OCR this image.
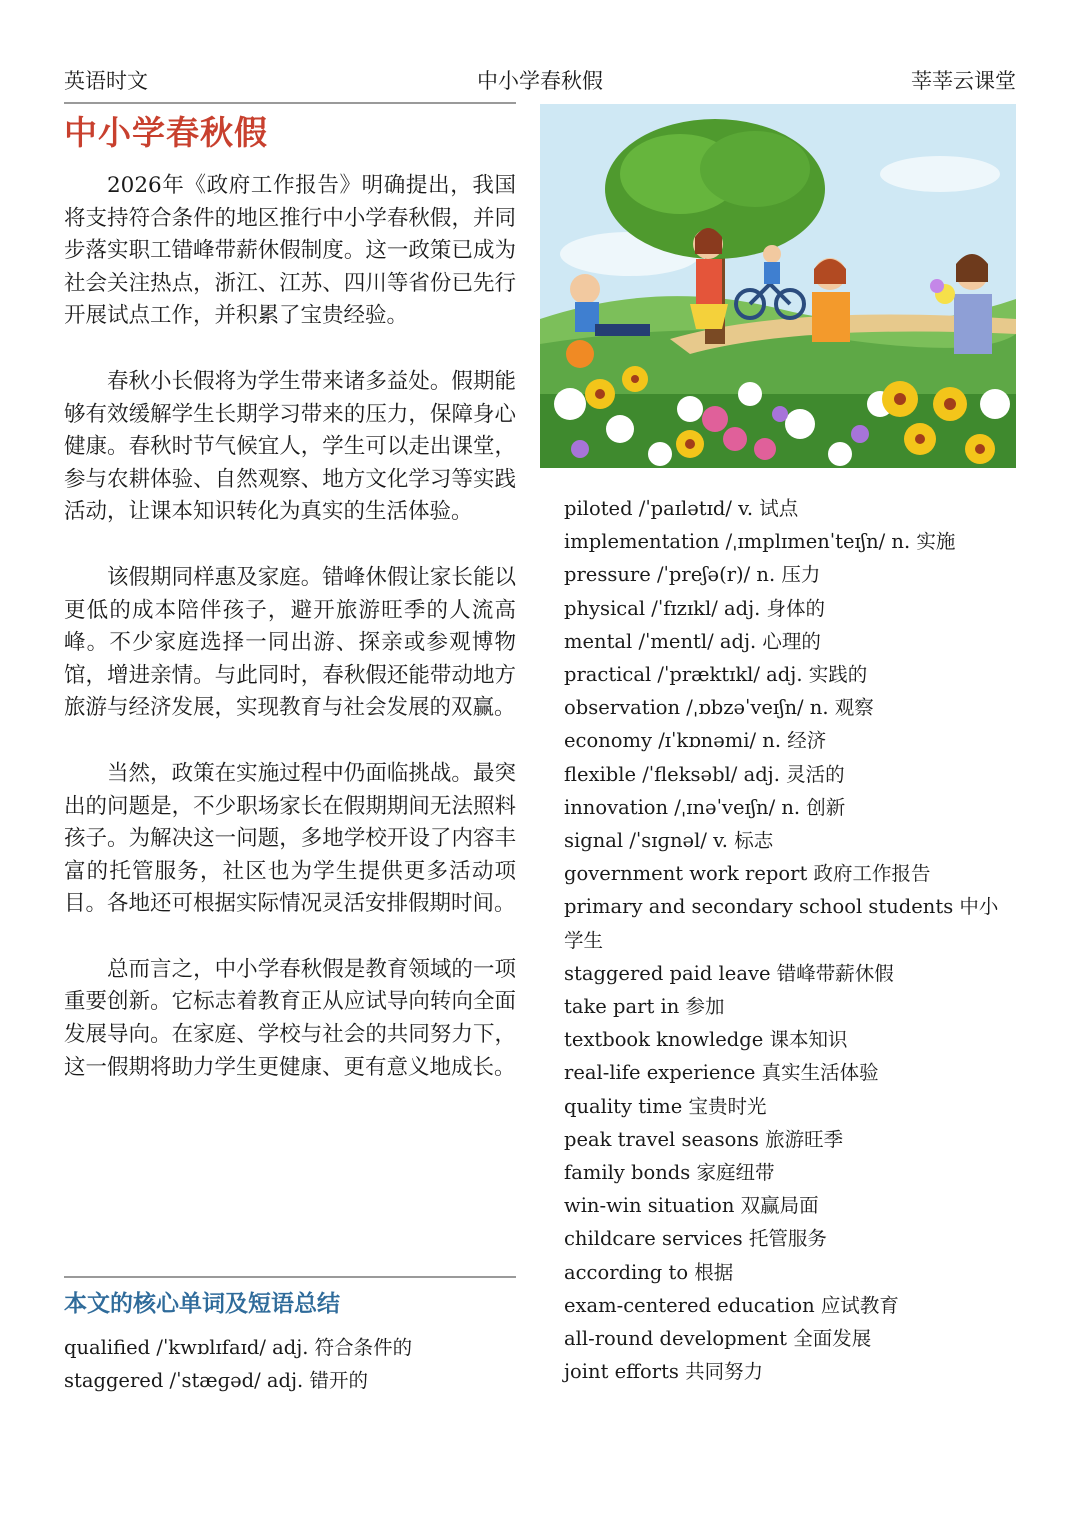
英语时文	中小学春秋假	莘莘云课堂
中小学春秋假

2026年《政府工作报告》明确提出，我国将支持符合条件的地区推行中小学春秋假，并同步落实职工错峰带薪休假制度。这一政策已成为社会关注热点，浙江、江苏、四川等省份已先行开展试点工作，并积累了宝贵经验。

春秋小长假将为学生带来诸多益处。假期能够有效缓解学生长期学习带来的压力，保障身心健康。春秋时节气候宜人，学生可以走出课堂，参与农耕体验、自然观察、地方文化学习等实践活动，让课本知识转化为真实的生活体验。

该假期同样惠及家庭。错峰休假让家长能以更低的成本陪伴孩子，避开旅游旺季的人流高峰。不少家庭选择一同出游、探亲或参观博物馆，增进亲情。与此同时，春秋假还能带动地方旅游与经济发展，实现教育与社会发展的双赢。

当然，政策在实施过程中仍面临挑战。最突出的问题是，不少职场家长在假期期间无法照料孩子。为解决这一问题，多地学校开设了内容丰富的托管服务，社区也为学生提供更多活动项目。各地还可根据实际情况灵活安排假期时间。

总而言之，中小学春秋假是教育领域的一项重要创新。它标志着教育正从应试导向转向全面发展导向。在家庭、学校与社会的共同努力下，这一假期将助力学生更健康、更有意义地成长。

本文的核心单词及短语总结
qualified /ˈkwɒlɪfaɪd/ adj. 符合条件的
staggered /ˈstæɡəd/ adj. 错开的
piloted /ˈpaɪlətɪd/ v. 试点
implementation /ˌɪmplɪmenˈteɪʃn/ n. 实施
pressure /ˈpreʃə(r)/ n. 压力
physical /ˈfɪzɪkl/ adj. 身体的
mental /ˈmentl/ adj. 心理的
practical /ˈpræktɪkl/ adj. 实践的
observation /ˌɒbzəˈveɪʃn/ n. 观察
economy /ɪˈkɒnəmi/ n. 经济
flexible /ˈfleksəbl/ adj. 灵活的
innovation /ˌɪnəˈveɪʃn/ n. 创新
signal /ˈsɪɡnəl/ v. 标志
government work report 政府工作报告
primary and secondary school students 中小学生
staggered paid leave 错峰带薪休假
take part in 参加
textbook knowledge 课本知识
real-life experience 真实生活体验
quality time 宝贵时光
peak travel seasons 旅游旺季
family bonds 家庭纽带
win-win situation 双赢局面
childcare services 托管服务
according to 根据
exam-centered education 应试教育
all-round development 全面发展
joint efforts 共同努力
